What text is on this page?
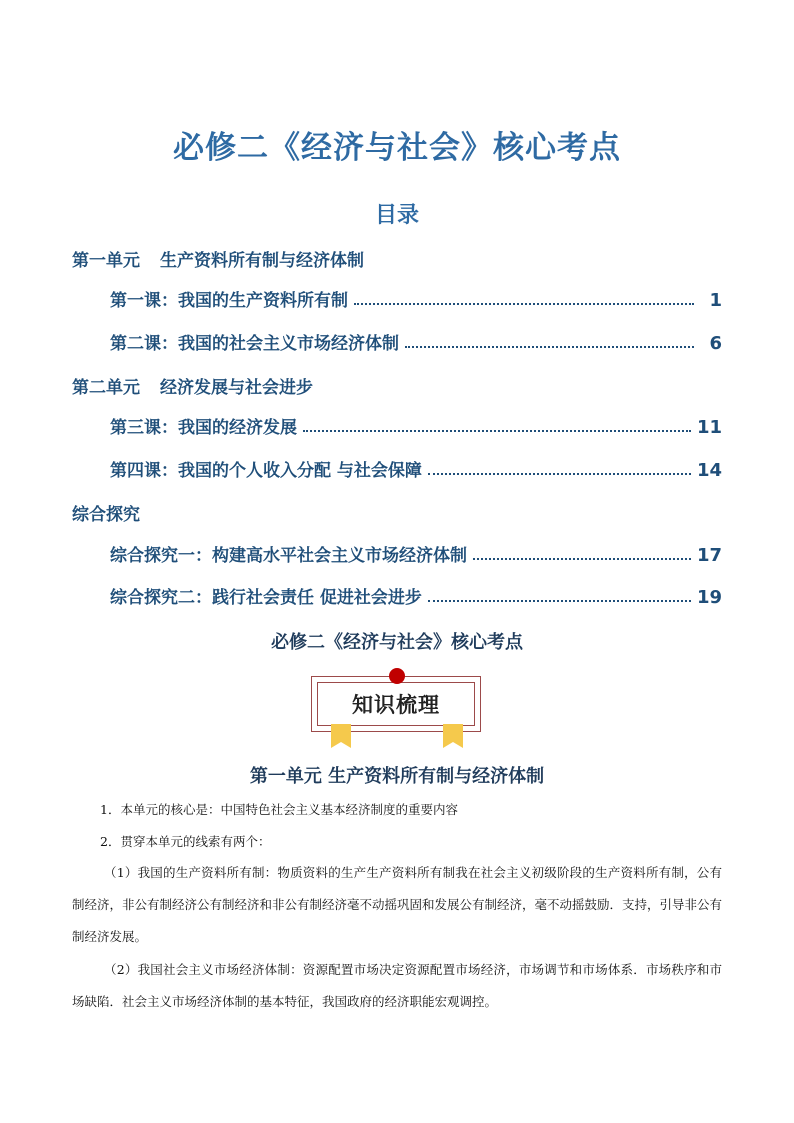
必修二《经济与社会》核心考点
目录
第一单元 生产资料所有制与经济体制
第一课：我国的生产资料所有制	1
第二课：我国的社会主义市场经济体制	6
第二单元 经济发展与社会进步
第三课：我国的经济发展	11
第四课：我国的个人收入分配 与社会保障	14
综合探究
综合探究一：构建高水平社会主义市场经济体制	17
综合探究二：践行社会责任 促进社会进步	19
必修二《经济与社会》核心考点
知识梳理
第一单元 生产资料所有制与经济体制
1．本单元的核心是：中国特色社会主义基本经济制度的重要内容
2．贯穿本单元的线索有两个：
（1）我国的生产资料所有制：物质资料的生产生产资料所有制我在社会主义初级阶段的生产资料所有制，公有制经济，非公有制经济公有制经济和非公有制经济毫不动摇巩固和发展公有制经济，毫不动摇鼓励．支持，引导非公有制经济发展。
（2）我国社会主义市场经济体制：资源配置市场决定资源配置市场经济，市场调节和市场体系．市场秩序和市场缺陷．社会主义市场经济体制的基本特征，我国政府的经济职能宏观调控。
